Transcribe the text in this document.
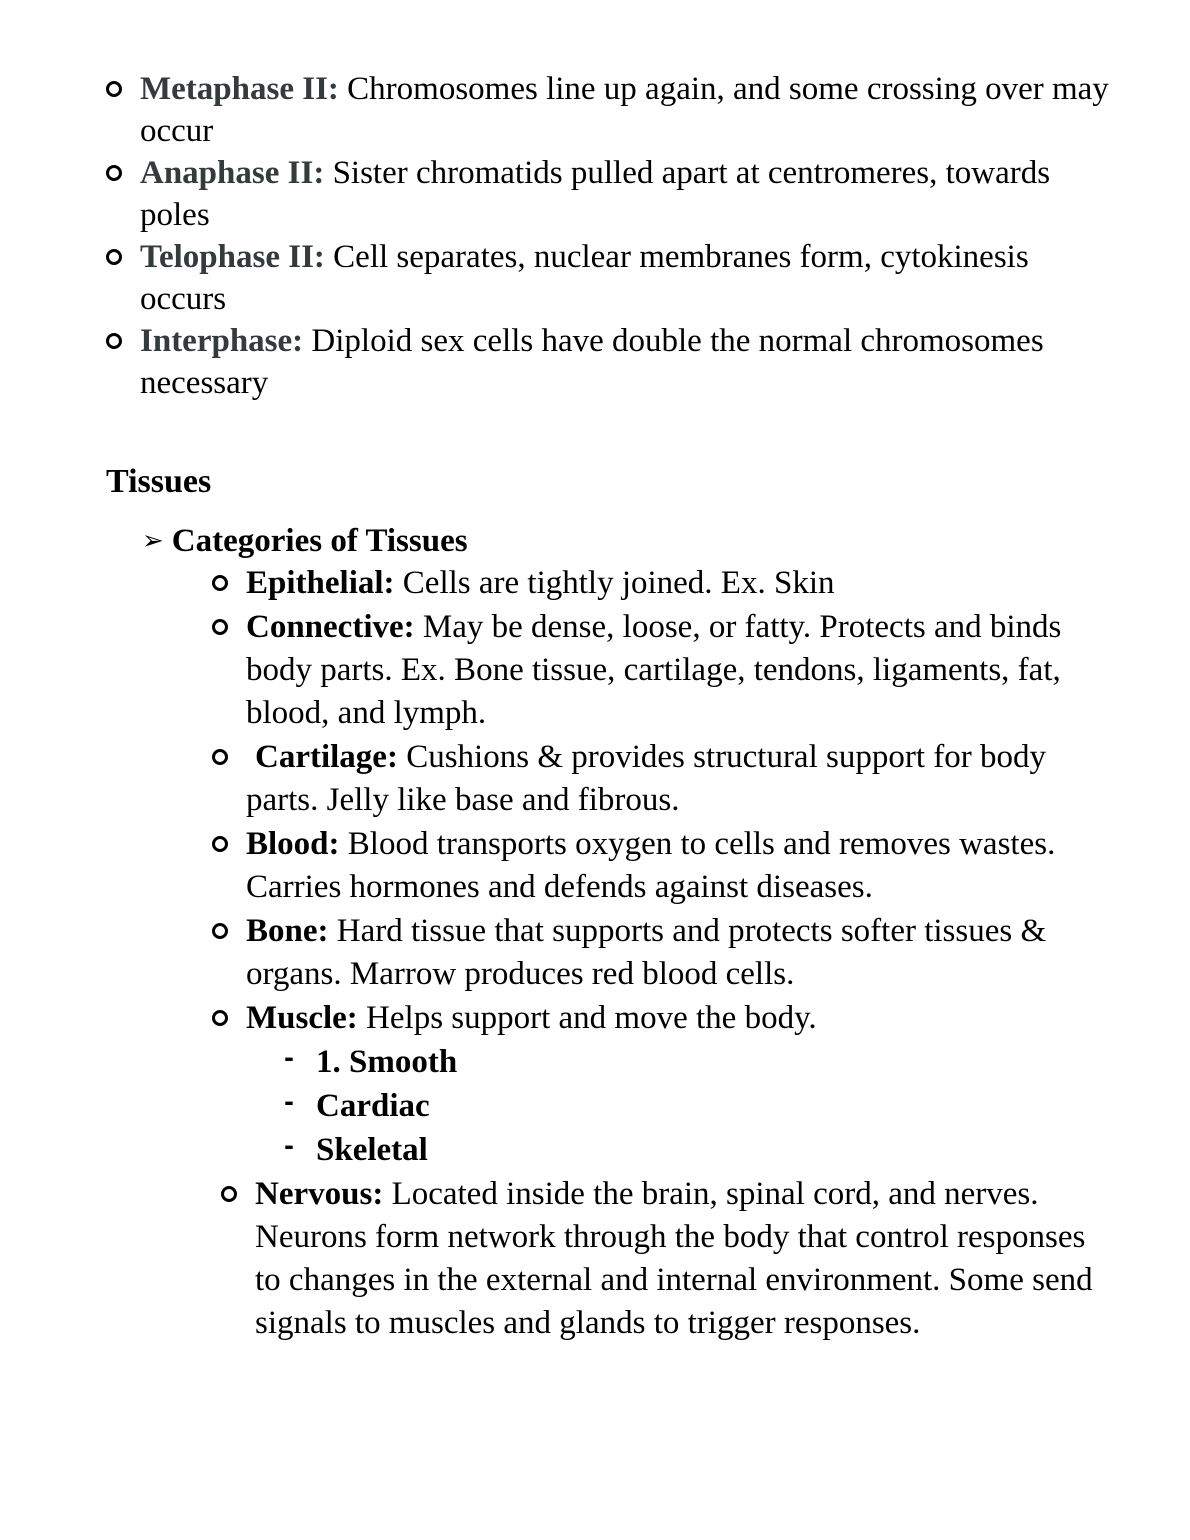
Metaphase II: Chromosomes line up again, and some crossing over may occur
Anaphase II: Sister chromatids pulled apart at centromeres, towards poles
Telophase II: Cell separates, nuclear membranes form, cytokinesis occurs
Interphase: Diploid sex cells have double the normal chromosomes necessary
Tissues
➢ Categories of Tissues
Epithelial: Cells are tightly joined. Ex. Skin
Connective: May be dense, loose, or fatty. Protects and binds body parts. Ex. Bone tissue, cartilage, tendons, ligaments, fat, blood, and lymph.
Cartilage: Cushions & provides structural support for body parts. Jelly like base and fibrous.
Blood: Blood transports oxygen to cells and removes wastes. Carries hormones and defends against diseases.
Bone: Hard tissue that supports and protects softer tissues & organs. Marrow produces red blood cells.
Muscle: Helps support and move the body.
- 1. Smooth
- Cardiac
- Skeletal
Nervous: Located inside the brain, spinal cord, and nerves. Neurons form network through the body that control responses to changes in the external and internal environment. Some send signals to muscles and glands to trigger responses.
